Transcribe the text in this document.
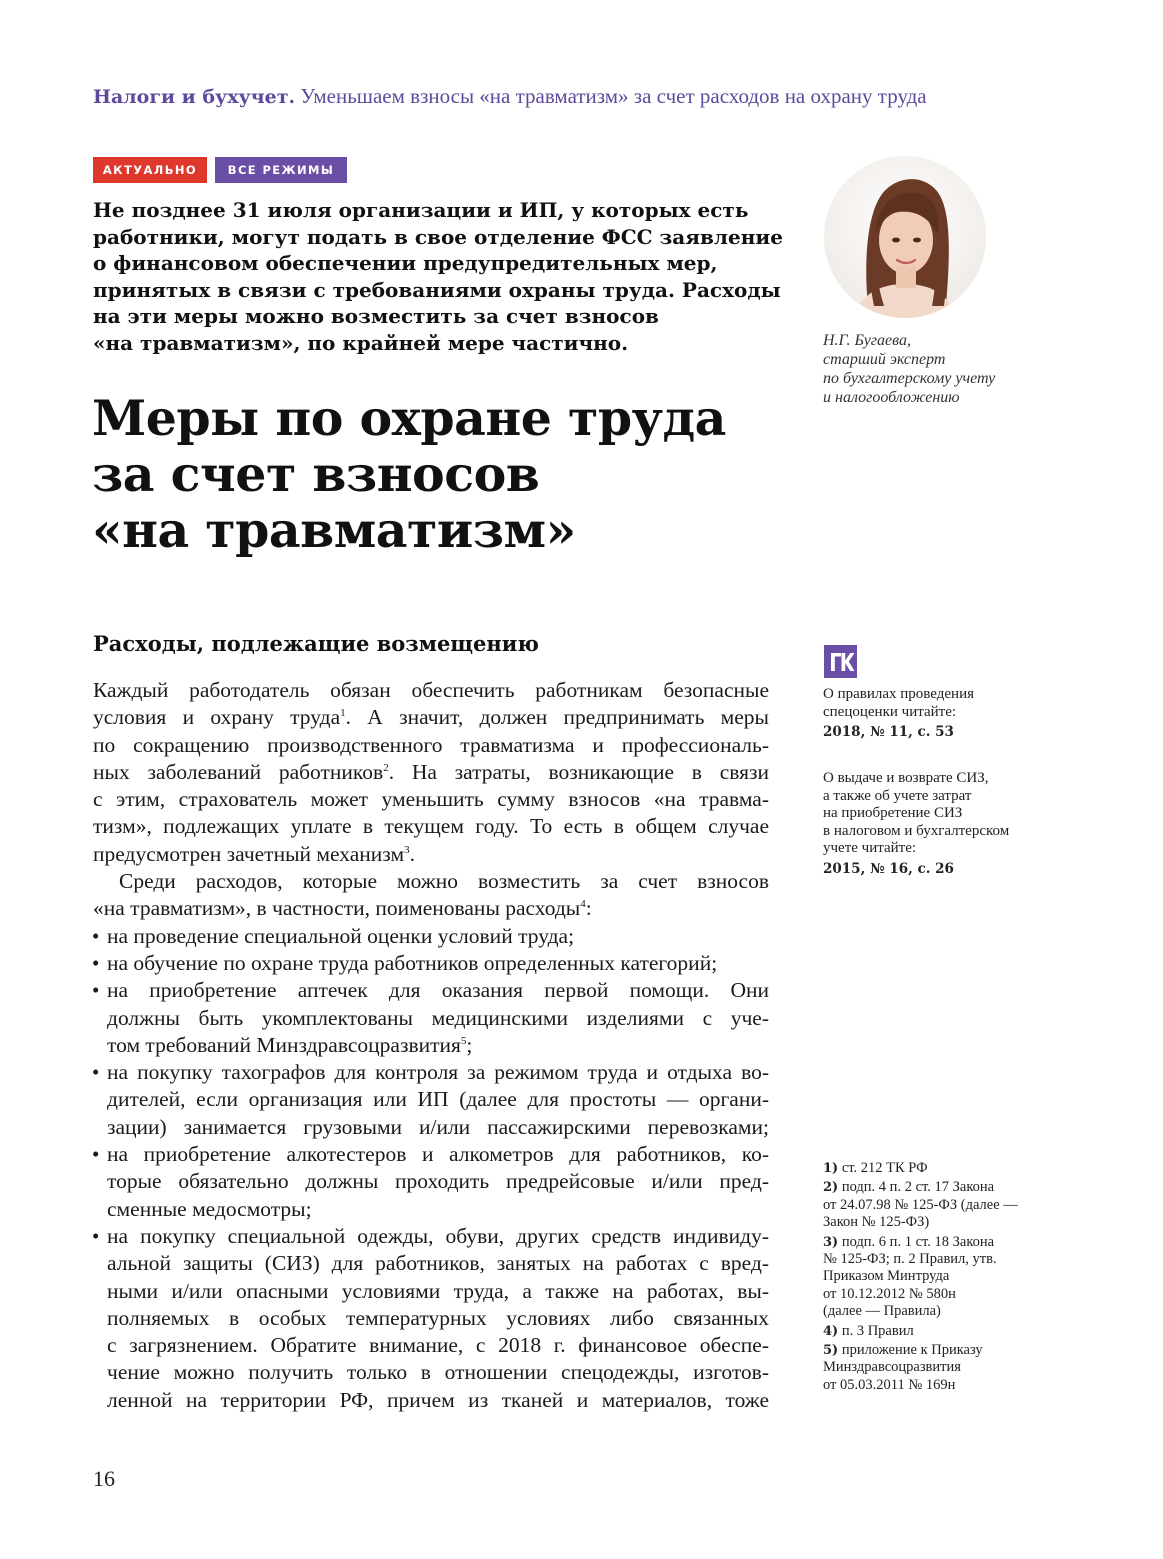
Налоги и бухучет. Уменьшаем взносы «на травматизм» за счет расходов на охрану труда
АКТУАЛЬНО	ВСЕ РЕЖИМЫ
Не позднее 31 июля организации и ИП, у которых есть
работники, могут подать в свое отделение ФСС заявление
о финансовом обеспечении предупредительных мер,
принятых в связи с требованиями охраны труда. Расходы
на эти меры можно возместить за счет взносов
«на травматизм», по крайней мере частично.	Н.Г. Бугаева,
старший эксперт
по бухгалтерскому учету
и налогообложению
Меры по охране труда
за счет взносов
«на травматизм»
Расходы, подлежащие возмещению
Каждый работодатель обязан обеспечить работникам безопасные
условия и охрану труда$^1$. А значит, должен предпринимать меры
по сокращению производственного травматизма и профессиональ-
ных заболеваний работников$^2$. На затраты, возникающие в связи
с этим, страхователь может уменьшить сумму взносов «на травма-
тизм», подлежащих уплате в текущем году. То есть в общем случае
предусмотрен зачетный механизм$^3$.
Среди расходов, которые можно возместить за счет взносов
«на травматизм», в частности, поименованы расходы$^4$:
• на проведение специальной оценки условий труда;
• на обучение по охране труда работников определенных категорий;
• на приобретение аптечек для оказания первой помощи. Они
должны быть укомплектованы медицинскими изделиями с уче-
том требований Минздравсоцразвития$^5$;
• на покупку тахографов для контроля за режимом труда и отдыха во-
дителей, если организация или ИП (далее для простоты — органи-
зации) занимается грузовыми и/или пассажирскими перевозками;
• на приобретение алкотестеров и алкометров для работников, ко-
торые обязательно должны проходить предрейсовые и/или пред-
сменные медосмотры;
• на покупку специальной одежды, обуви, других средств индивиду-
альной защиты (СИЗ) для работников, занятых на работах с вред-
ными и/или опасными условиями труда, а также на работах, вы-
полняемых в особых температурных условиях либо связанных
с загрязнением. Обратите внимание, с 2018 г. финансовое обеспе-
чение можно получить только в отношении спецодежды, изготов-
ленной на территории РФ, причем из тканей и материалов, тоже
О правилах проведения
спецоценки читайте:
2018, № 11, с. 53
О выдаче и возврате СИЗ,
а также об учете затрат
на приобретение СИЗ
в налоговом и бухгалтерском
учете читайте:
2015, № 16, с. 26
1) ст. 212 ТК РФ
2) подп. 4 п. 2 ст. 17 Закона
от 24.07.98 № 125-ФЗ (далее —
Закон № 125-ФЗ)
3) подп. 6 п. 1 ст. 18 Закона
№ 125-ФЗ; п. 2 Правил, утв.
Приказом Минтруда
от 10.12.2012 № 580н
(далее — Правила)
4) п. 3 Правил
5) приложение к Приказу
Минздравсоцразвития
от 05.03.2011 № 169н
16
